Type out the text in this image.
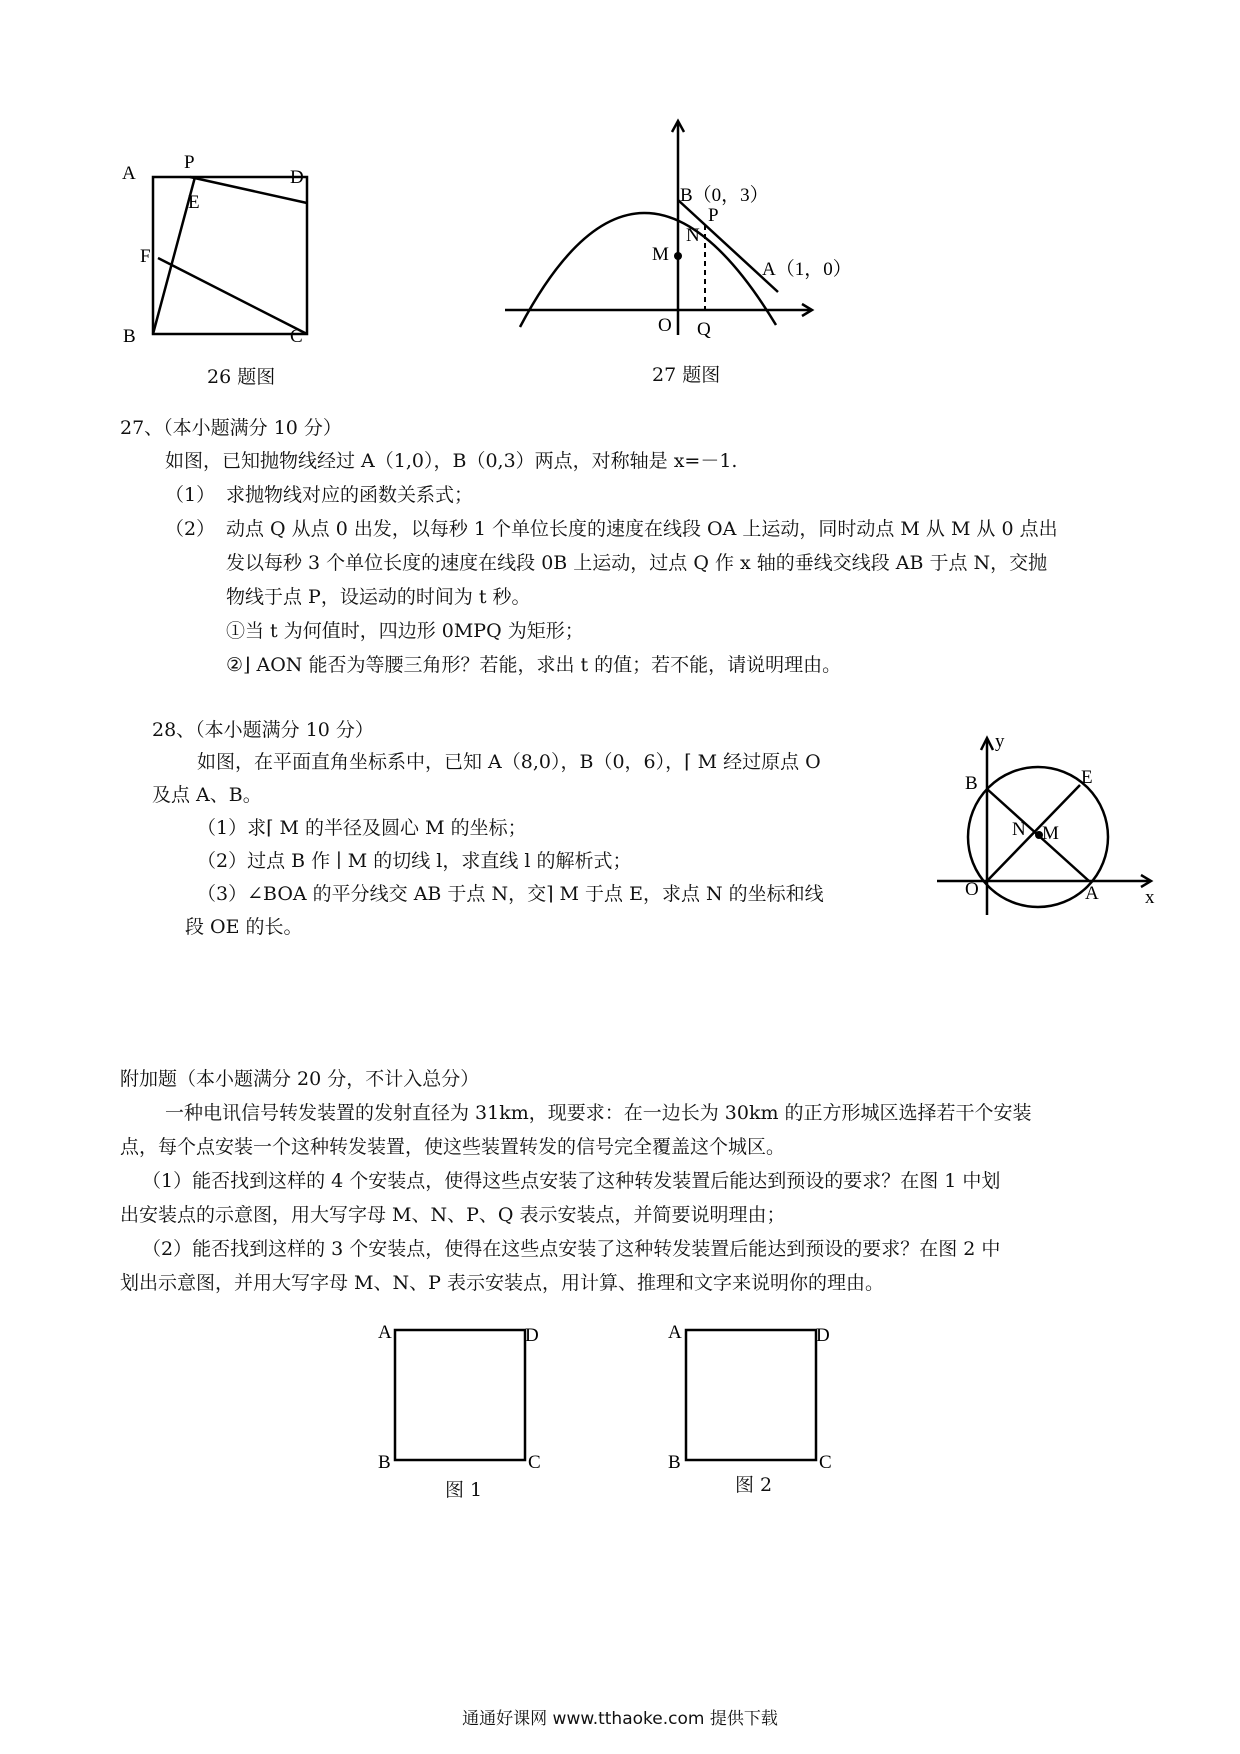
A
P
D
E
F
B	C
26 题图
B（0，3）
P
N
M
A（1，0）
O Q
27 题图
27、（本小题满分 10 分）
如图，已知抛物线经过 A（1,0），B（0,3）两点，对称轴是 x=－1.
（1） 求抛物线对应的函数关系式；
（2） 动点 Q 从点 0 出发，以每秒 1 个单位长度的速度在线段 OA 上运动，同时动点 M 从 M 从 0 点出
发以每秒 3 个单位长度的速度在线段 0B 上运动，过点 Q 作 x 轴的垂线交线段 AB 于点 N，交抛
物线于点 P，设运动的时间为 t 秒。
①当 t 为何值时，四边形 0MPQ 为矩形；
②⌋ AON 能否为等腰三角形？若能，求出 t 的值；若不能，请说明理由。
28、（本小题满分 10 分）
如图，在平面直角坐标系中，已知 A（8,0），B（0，6），⌈ M 经过原点 O
及点 A、B。
（1）求⌈ M 的半径及圆心 M 的坐标；
（2）过点 B 作 ∣ M 的切线 l，求直线 l 的解析式；
（3）∠BOA 的平分线交 AB 于点 N，交⌉ M 于点 E，求点 N 的坐标和线
段 OE 的长。
y
B	E
N M
O	A x
附加题（本小题满分 20 分，不计入总分）
一种电讯信号转发装置的发射直径为 31km，现要求：在一边长为 30km 的正方形城区选择若干个安装
点，每个点安装一个这种转发装置，使这些装置转发的信号完全覆盖这个城区。
（1）能否找到这样的 4 个安装点，使得这些点安装了这种转发装置后能达到预设的要求？在图 1 中划
出安装点的示意图，用大写字母 M、N、P、Q 表示安装点，并简要说明理由；
（2）能否找到这样的 3 个安装点，使得在这些点安装了这种转发装置后能达到预设的要求？在图 2 中
划出示意图，并用大写字母 M、N、P 表示安装点，用计算、推理和文字来说明你的理由。
A	D
B	C
图 1
A	D
B	C
图 2
通通好课网 www.tthaoke.com 提供下载
